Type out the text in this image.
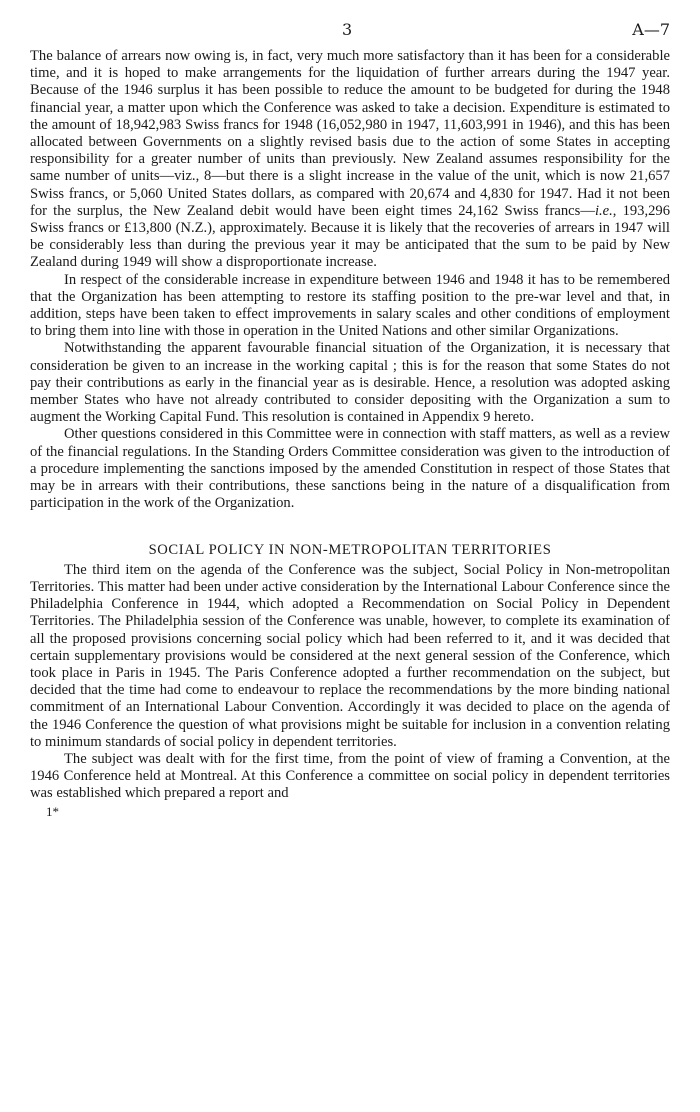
3	A—7

The balance of arrears now owing is, in fact, very much more satisfactory than it has been for a considerable time, and it is hoped to make arrangements for the liquidation of further arrears during the 1947 year. Because of the 1946 surplus it has been possible to reduce the amount to be budgeted for during the 1948 financial year, a matter upon which the Conference was asked to take a decision. Expenditure is estimated to the amount of 18,942,983 Swiss francs for 1948 (16,052,980 in 1947, 11,603,991 in 1946), and this has been allocated between Governments on a slightly revised basis due to the action of some States in accepting responsibility for a greater number of units than previously. New Zealand assumes responsibility for the same number of units—viz., 8—but there is a slight increase in the value of the unit, which is now 21,657 Swiss francs, or 5,060 United States dollars, as compared with 20,674 and 4,830 for 1947. Had it not been for the surplus, the New Zealand debit would have been eight times 24,162 Swiss francs—i.e., 193,296 Swiss francs or £13,800 (N.Z.), approximately. Because it is likely that the recoveries of arrears in 1947 will be considerably less than during the previous year it may be anticipated that the sum to be paid by New Zealand during 1949 will show a disproportionate increase.

In respect of the considerable increase in expenditure between 1946 and 1948 it has to be remembered that the Organization has been attempting to restore its staffing position to the pre-war level and that, in addition, steps have been taken to effect improvements in salary scales and other conditions of employment to bring them into line with those in operation in the United Nations and other similar Organizations.

Notwithstanding the apparent favourable financial situation of the Organization, it is necessary that consideration be given to an increase in the working capital ; this is for the reason that some States do not pay their contributions as early in the financial year as is desirable. Hence, a resolution was adopted asking member States who have not already contributed to consider depositing with the Organization a sum to augment the Working Capital Fund. This resolution is contained in Appendix 9 hereto.

Other questions considered in this Committee were in connection with staff matters, as well as a review of the financial regulations. In the Standing Orders Committee consideration was given to the introduction of a procedure implementing the sanctions imposed by the amended Constitution in respect of those States that may be in arrears with their contributions, these sanctions being in the nature of a disqualification from participation in the work of the Organization.

SOCIAL POLICY IN NON-METROPOLITAN TERRITORIES

The third item on the agenda of the Conference was the subject, Social Policy in Non-metropolitan Territories. This matter had been under active consideration by the International Labour Conference since the Philadelphia Conference in 1944, which adopted a Recommendation on Social Policy in Dependent Territories. The Philadelphia session of the Conference was unable, however, to complete its examination of all the proposed provisions concerning social policy which had been referred to it, and it was decided that certain supplementary provisions would be considered at the next general session of the Conference, which took place in Paris in 1945. The Paris Conference adopted a further recommendation on the subject, but decided that the time had come to endeavour to replace the recommendations by the more binding national commitment of an International Labour Convention. Accordingly it was decided to place on the agenda of the 1946 Conference the question of what provisions might be suitable for inclusion in a convention relating to minimum standards of social policy in dependent territories.

The subject was dealt with for the first time, from the point of view of framing a Convention, at the 1946 Conference held at Montreal. At this Conference a committee on social policy in dependent territories was established which prepared a report and

1*
